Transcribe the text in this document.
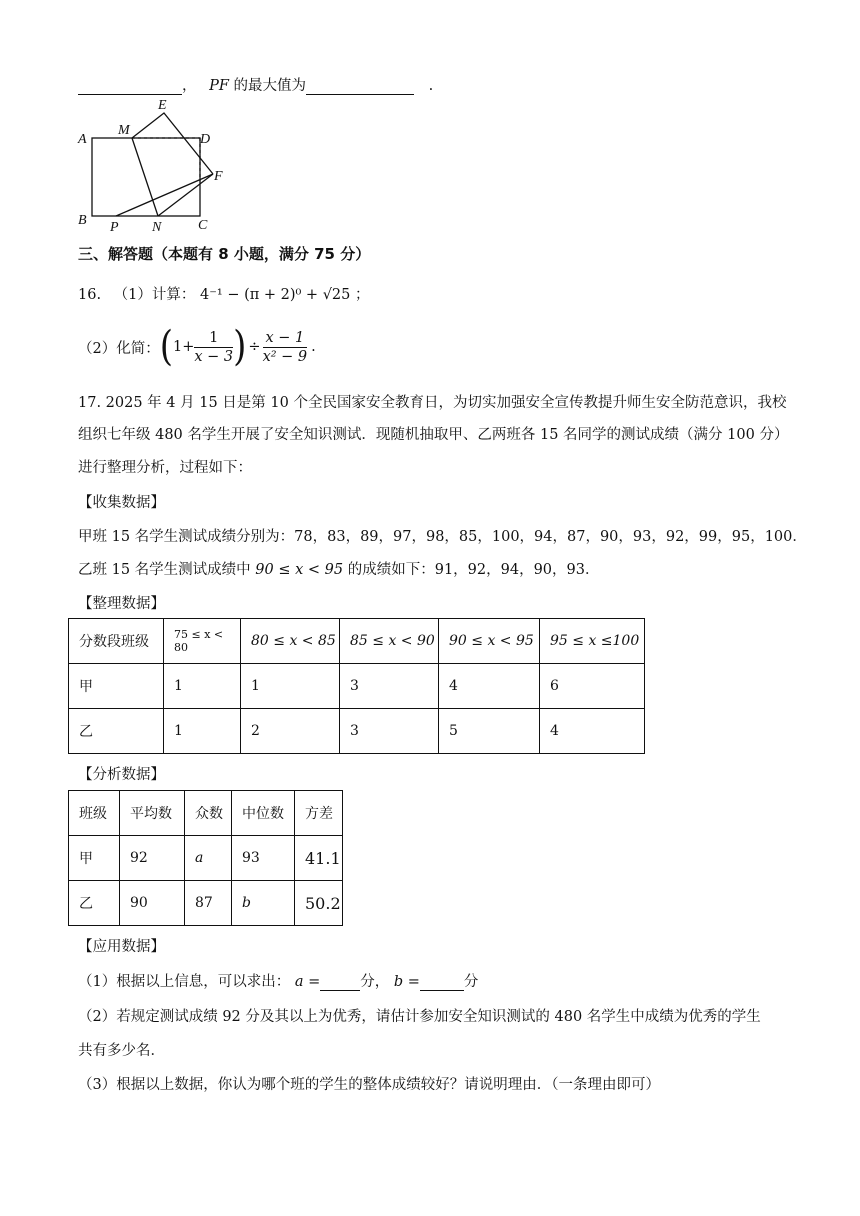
， PF 的最大值为	.
A
B	C
D
E
F
M
N
P
三、解答题（本题有 8 小题，满分 75 分）
16. （1）计算： 4⁻¹ − (π + 2)⁰ + √25 ；
（2）化简： ( $1+ \frac{1}{x - 3}$ ) ÷ $\frac{x - 1}{\text{x² − 9}}$ .
17. 2025 年 4 月 15 日是第 10 个全民国家安全教育日，为切实加强安全宣传教提升师生安全防范意识，我校
组织七年级 480 名学生开展了安全知识测试．现随机抽取甲、乙两班各 15 名同学的测试成绩（满分 100 分）
进行整理分析，过程如下：
【收集数据】
甲班 15 名学生测试成绩分别为：78，83，89，97，98，85，100，94，87，90，93，92，99，95，100．
乙班 15 名学生测试成绩中 90 ≤ x < 95 的成绩如下：91，92，94，90，93．
【整理数据】
分数段班级	75 ≤ x < 80	80 ≤ x < 85	85 ≤ x < 90	90 ≤ x < 95	95 ≤ x ≤100
甲	1	1	3	4	6
乙	1	2	3	5	4
【分析数据】
班级	平均数	众数	中位数	方差
甲	92	a	93	41.1
乙	90	87	b	50.2
【应用数据】
（1）根据以上信息，可以求出： a =	分， b =	分
（2）若规定测试成绩 92 分及其以上为优秀，请估计参加安全知识测试的 480 名学生中成绩为优秀的学生
共有多少名．
（3）根据以上数据，你认为哪个班的学生的整体成绩较好？请说明理由．（一条理由即可）
